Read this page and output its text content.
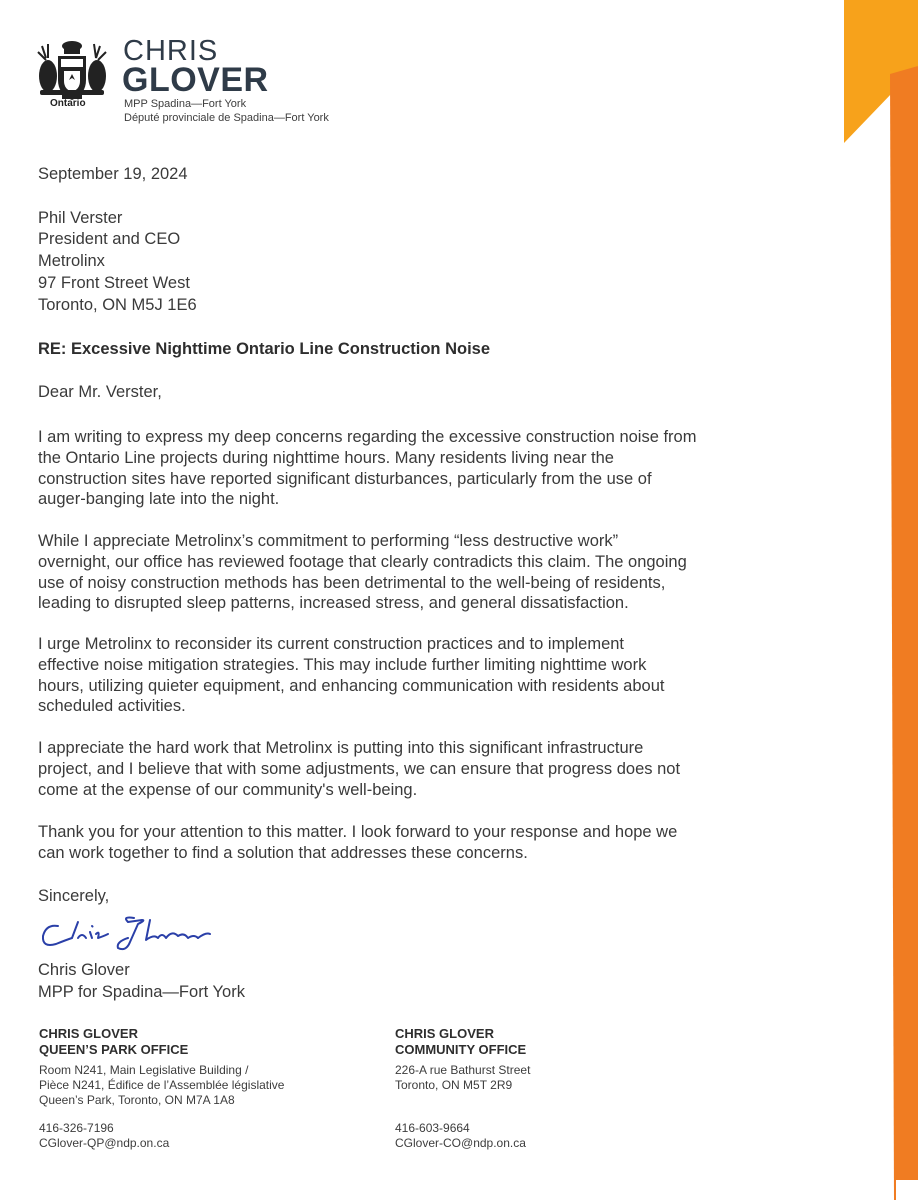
Ontario
CHRIS
GLOVER
MPP Spadina—Fort York
Député provinciale de Spadina—Fort York
September 19, 2024
Phil Verster
President and CEO
Metrolinx
97 Front Street West
Toronto, ON M5J 1E6
RE: Excessive Nighttime Ontario Line Construction Noise
Dear Mr. Verster,
I am writing to express my deep concerns regarding the excessive construction noise from
the Ontario Line projects during nighttime hours. Many residents living near the
construction sites have reported significant disturbances, particularly from the use of
auger-banging late into the night.
While I appreciate Metrolinx’s commitment to performing “less destructive work”
overnight, our office has reviewed footage that clearly contradicts this claim. The ongoing
use of noisy construction methods has been detrimental to the well-being of residents,
leading to disrupted sleep patterns, increased stress, and general dissatisfaction.
I urge Metrolinx to reconsider its current construction practices and to implement
effective noise mitigation strategies. This may include further limiting nighttime work
hours, utilizing quieter equipment, and enhancing communication with residents about
scheduled activities.
I appreciate the hard work that Metrolinx is putting into this significant infrastructure
project, and I believe that with some adjustments, we can ensure that progress does not
come at the expense of our community's well-being.
Thank you for your attention to this matter. I look forward to your response and hope we
can work together to find a solution that addresses these concerns.
Sincerely,
Chris Glover
MPP for Spadina—Fort York
CHRIS GLOVER
QUEEN’S PARK OFFICE
Room N241, Main Legislative Building /
Pièce N241, Édifice de l’Assemblée législative
Queen’s Park, Toronto, ON M7A 1A8
416-326-7196
CGlover-QP@ndp.on.ca
CHRIS GLOVER
COMMUNITY OFFICE
226-A rue Bathurst Street
Toronto, ON M5T 2R9
416-603-9664
CGlover-CO@ndp.on.ca
